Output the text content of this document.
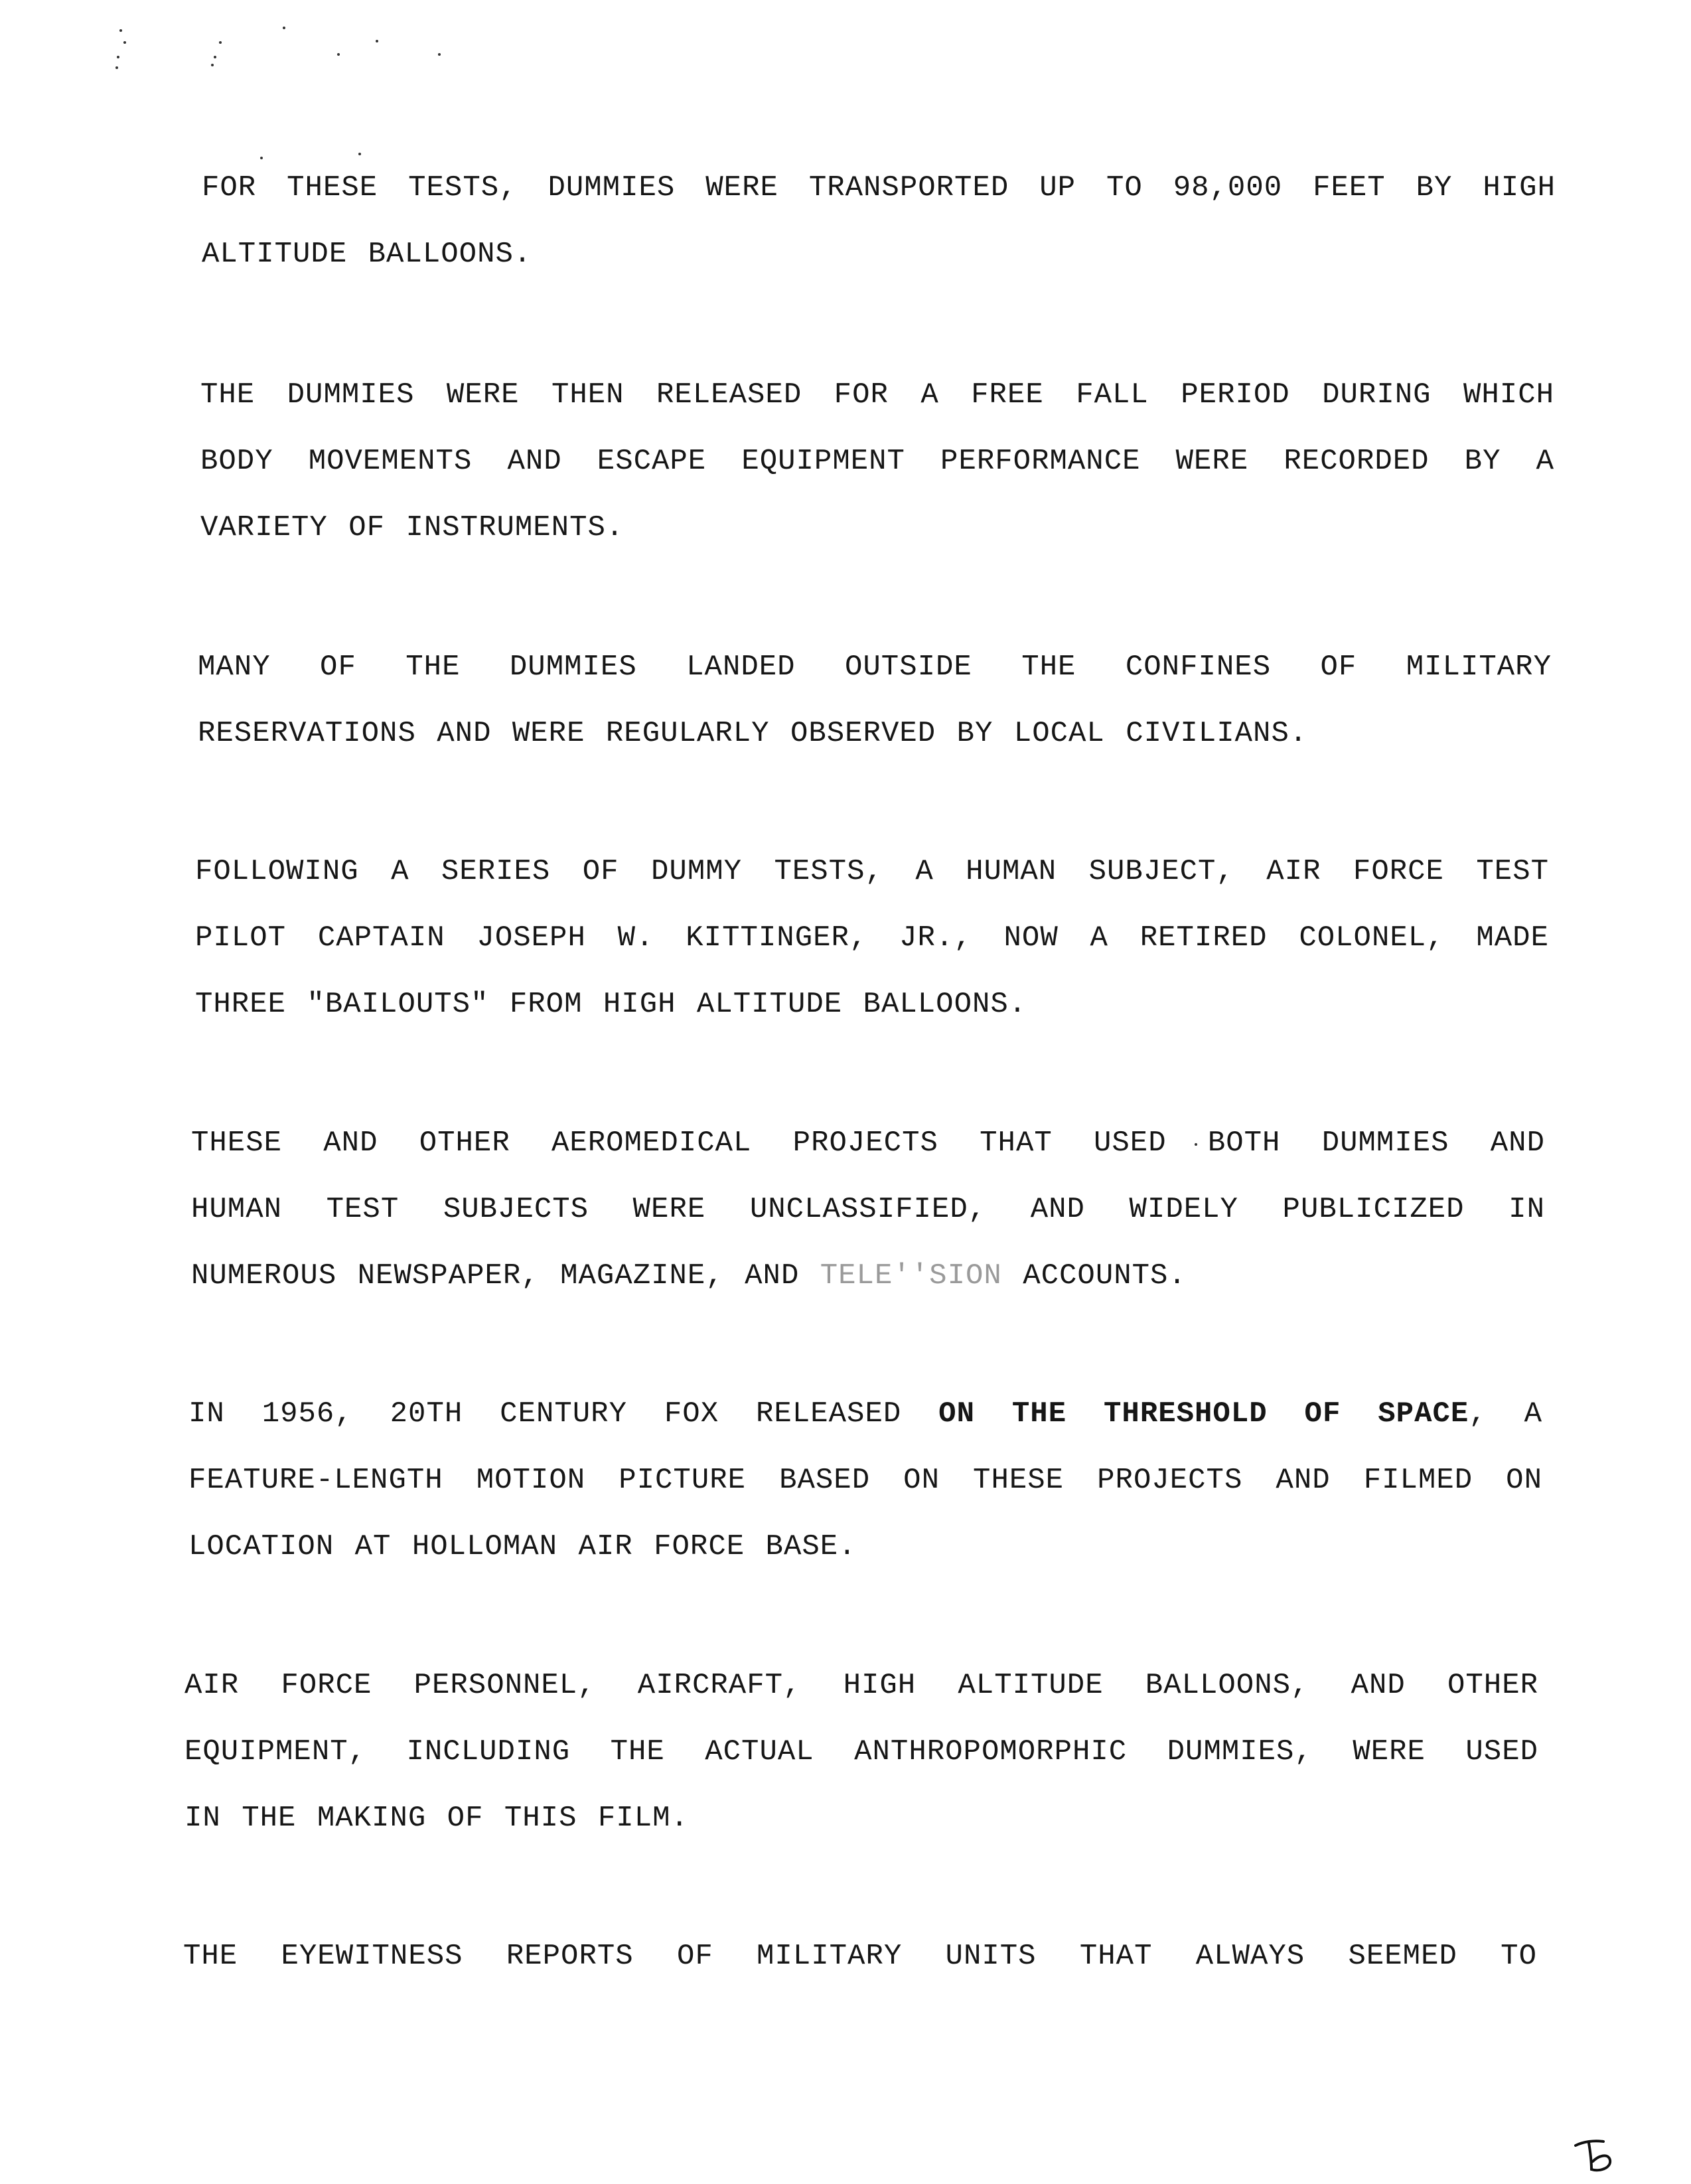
FOR THESE TESTS, DUMMIES WERE TRANSPORTED UP TO 98,000 FEET BY HIGH
ALTITUDE BALLOONS.
THE DUMMIES WERE THEN RELEASED FOR A FREE FALL PERIOD DURING WHICH
BODY MOVEMENTS AND ESCAPE EQUIPMENT PERFORMANCE WERE RECORDED BY A
VARIETY OF INSTRUMENTS.
MANY OF THE DUMMIES LANDED OUTSIDE THE CONFINES OF MILITARY
RESERVATIONS AND WERE REGULARLY OBSERVED BY LOCAL CIVILIANS.
FOLLOWING A SERIES OF DUMMY TESTS, A HUMAN SUBJECT, AIR FORCE TEST
PILOT CAPTAIN JOSEPH W. KITTINGER, JR., NOW A RETIRED COLONEL, MADE
THREE "BAILOUTS" FROM HIGH ALTITUDE BALLOONS.
THESE AND OTHER AEROMEDICAL PROJECTS THAT USED BOTH DUMMIES AND
HUMAN TEST SUBJECTS WERE UNCLASSIFIED, AND WIDELY PUBLICIZED IN
NUMEROUS NEWSPAPER, MAGAZINE, AND TELE''SION ACCOUNTS.
IN 1956, 20TH CENTURY FOX RELEASED ON THE THRESHOLD OF SPACE, A
FEATURE-LENGTH MOTION PICTURE BASED ON THESE PROJECTS AND FILMED ON
LOCATION AT HOLLOMAN AIR FORCE BASE.
AIR FORCE PERSONNEL, AIRCRAFT, HIGH ALTITUDE BALLOONS, AND OTHER
EQUIPMENT, INCLUDING THE ACTUAL ANTHROPOMORPHIC DUMMIES, WERE USED
IN THE MAKING OF THIS FILM.
THE EYEWITNESS REPORTS OF MILITARY UNITS THAT ALWAYS SEEMED TO
